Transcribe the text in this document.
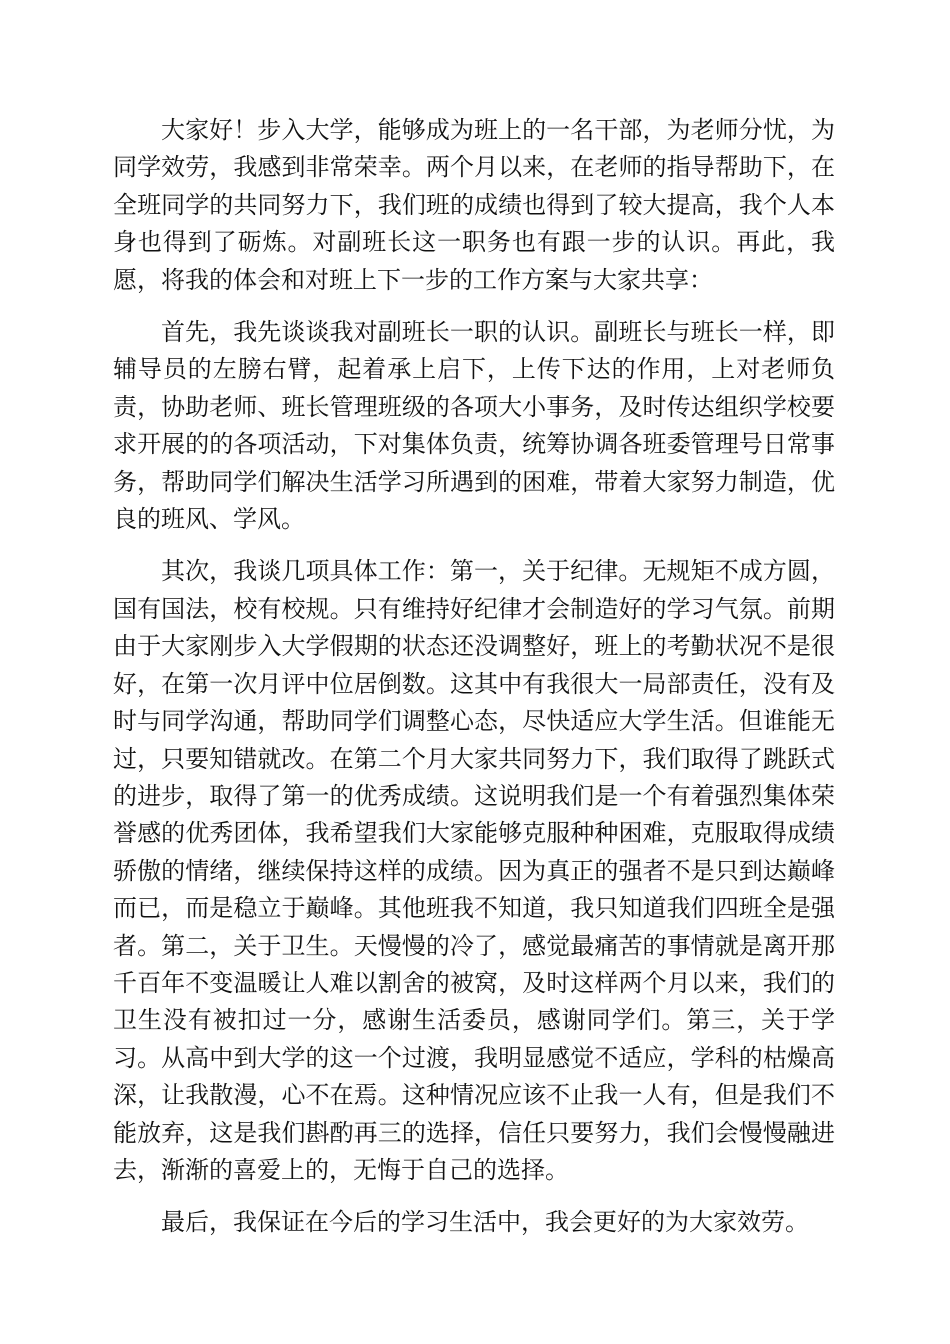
大家好！步入大学，能够成为班上的一名干部，为老师分忧，为同学效劳，我感到非常荣幸。两个月以来，在老师的指导帮助下，在全班同学的共同努力下，我们班的成绩也得到了较大提高，我个人本身也得到了砺炼。对副班长这一职务也有跟一步的认识。再此，我愿，将我的体会和对班上下一步的工作方案与大家共享：

首先，我先谈谈我对副班长一职的认识。副班长与班长一样，即辅导员的左膀右臂，起着承上启下，上传下达的作用，上对老师负责，协助老师、班长管理班级的各项大小事务，及时传达组织学校要求开展的的各项活动，下对集体负责，统筹协调各班委管理号日常事务，帮助同学们解决生活学习所遇到的困难，带着大家努力制造，优良的班风、学风。

其次，我谈几项具体工作：第一，关于纪律。无规矩不成方圆，国有国法，校有校规。只有维持好纪律才会制造好的学习气氛。前期由于大家刚步入大学假期的状态还没调整好，班上的考勤状况不是很好，在第一次月评中位居倒数。这其中有我很大一局部责任，没有及时与同学沟通，帮助同学们调整心态，尽快适应大学生活。但谁能无过，只要知错就改。在第二个月大家共同努力下，我们取得了跳跃式的进步，取得了第一的优秀成绩。这说明我们是一个有着强烈集体荣誉感的优秀团体，我希望我们大家能够克服种种困难，克服取得成绩骄傲的情绪，继续保持这样的成绩。因为真正的强者不是只到达巅峰而已，而是稳立于巅峰。其他班我不知道，我只知道我们四班全是强者。第二，关于卫生。天慢慢的冷了，感觉最痛苦的事情就是离开那千百年不变温暖让人难以割舍的被窝，及时这样两个月以来，我们的卫生没有被扣过一分，感谢生活委员，感谢同学们。第三，关于学习。从高中到大学的这一个过渡，我明显感觉不适应，学科的枯燥高深，让我散漫，心不在焉。这种情况应该不止我一人有，但是我们不能放弃，这是我们斟酌再三的选择，信任只要努力，我们会慢慢融进去，渐渐的喜爱上的，无悔于自己的选择。

最后，我保证在今后的学习生活中，我会更好的为大家效劳。
